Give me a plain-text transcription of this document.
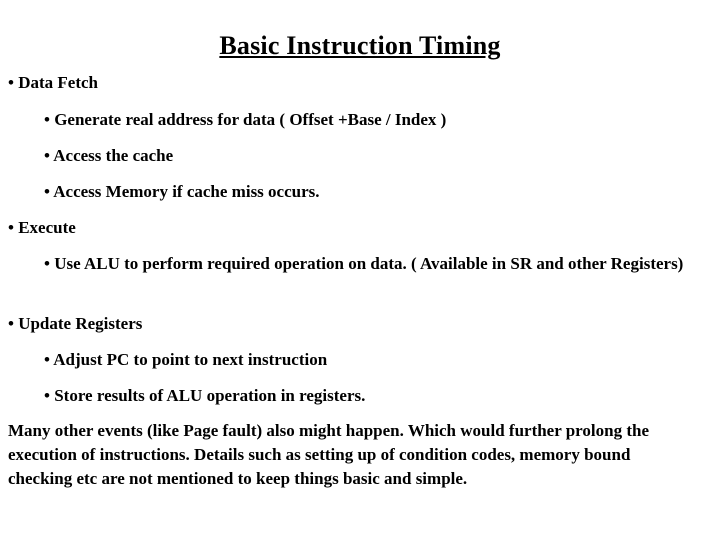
Basic Instruction Timing
• Data Fetch
• Generate real address for data ( Offset +Base / Index )
• Access the cache
• Access Memory if cache miss occurs.
• Execute
• Use ALU to perform required operation on data. ( Available in SR and other Registers)
• Update Registers
• Adjust PC to point to next instruction
• Store results of ALU operation in registers.
Many other events (like Page fault) also might happen. Which would further prolong the execution of instructions. Details such as setting up of condition codes, memory bound checking etc are not mentioned to keep things basic and simple.
